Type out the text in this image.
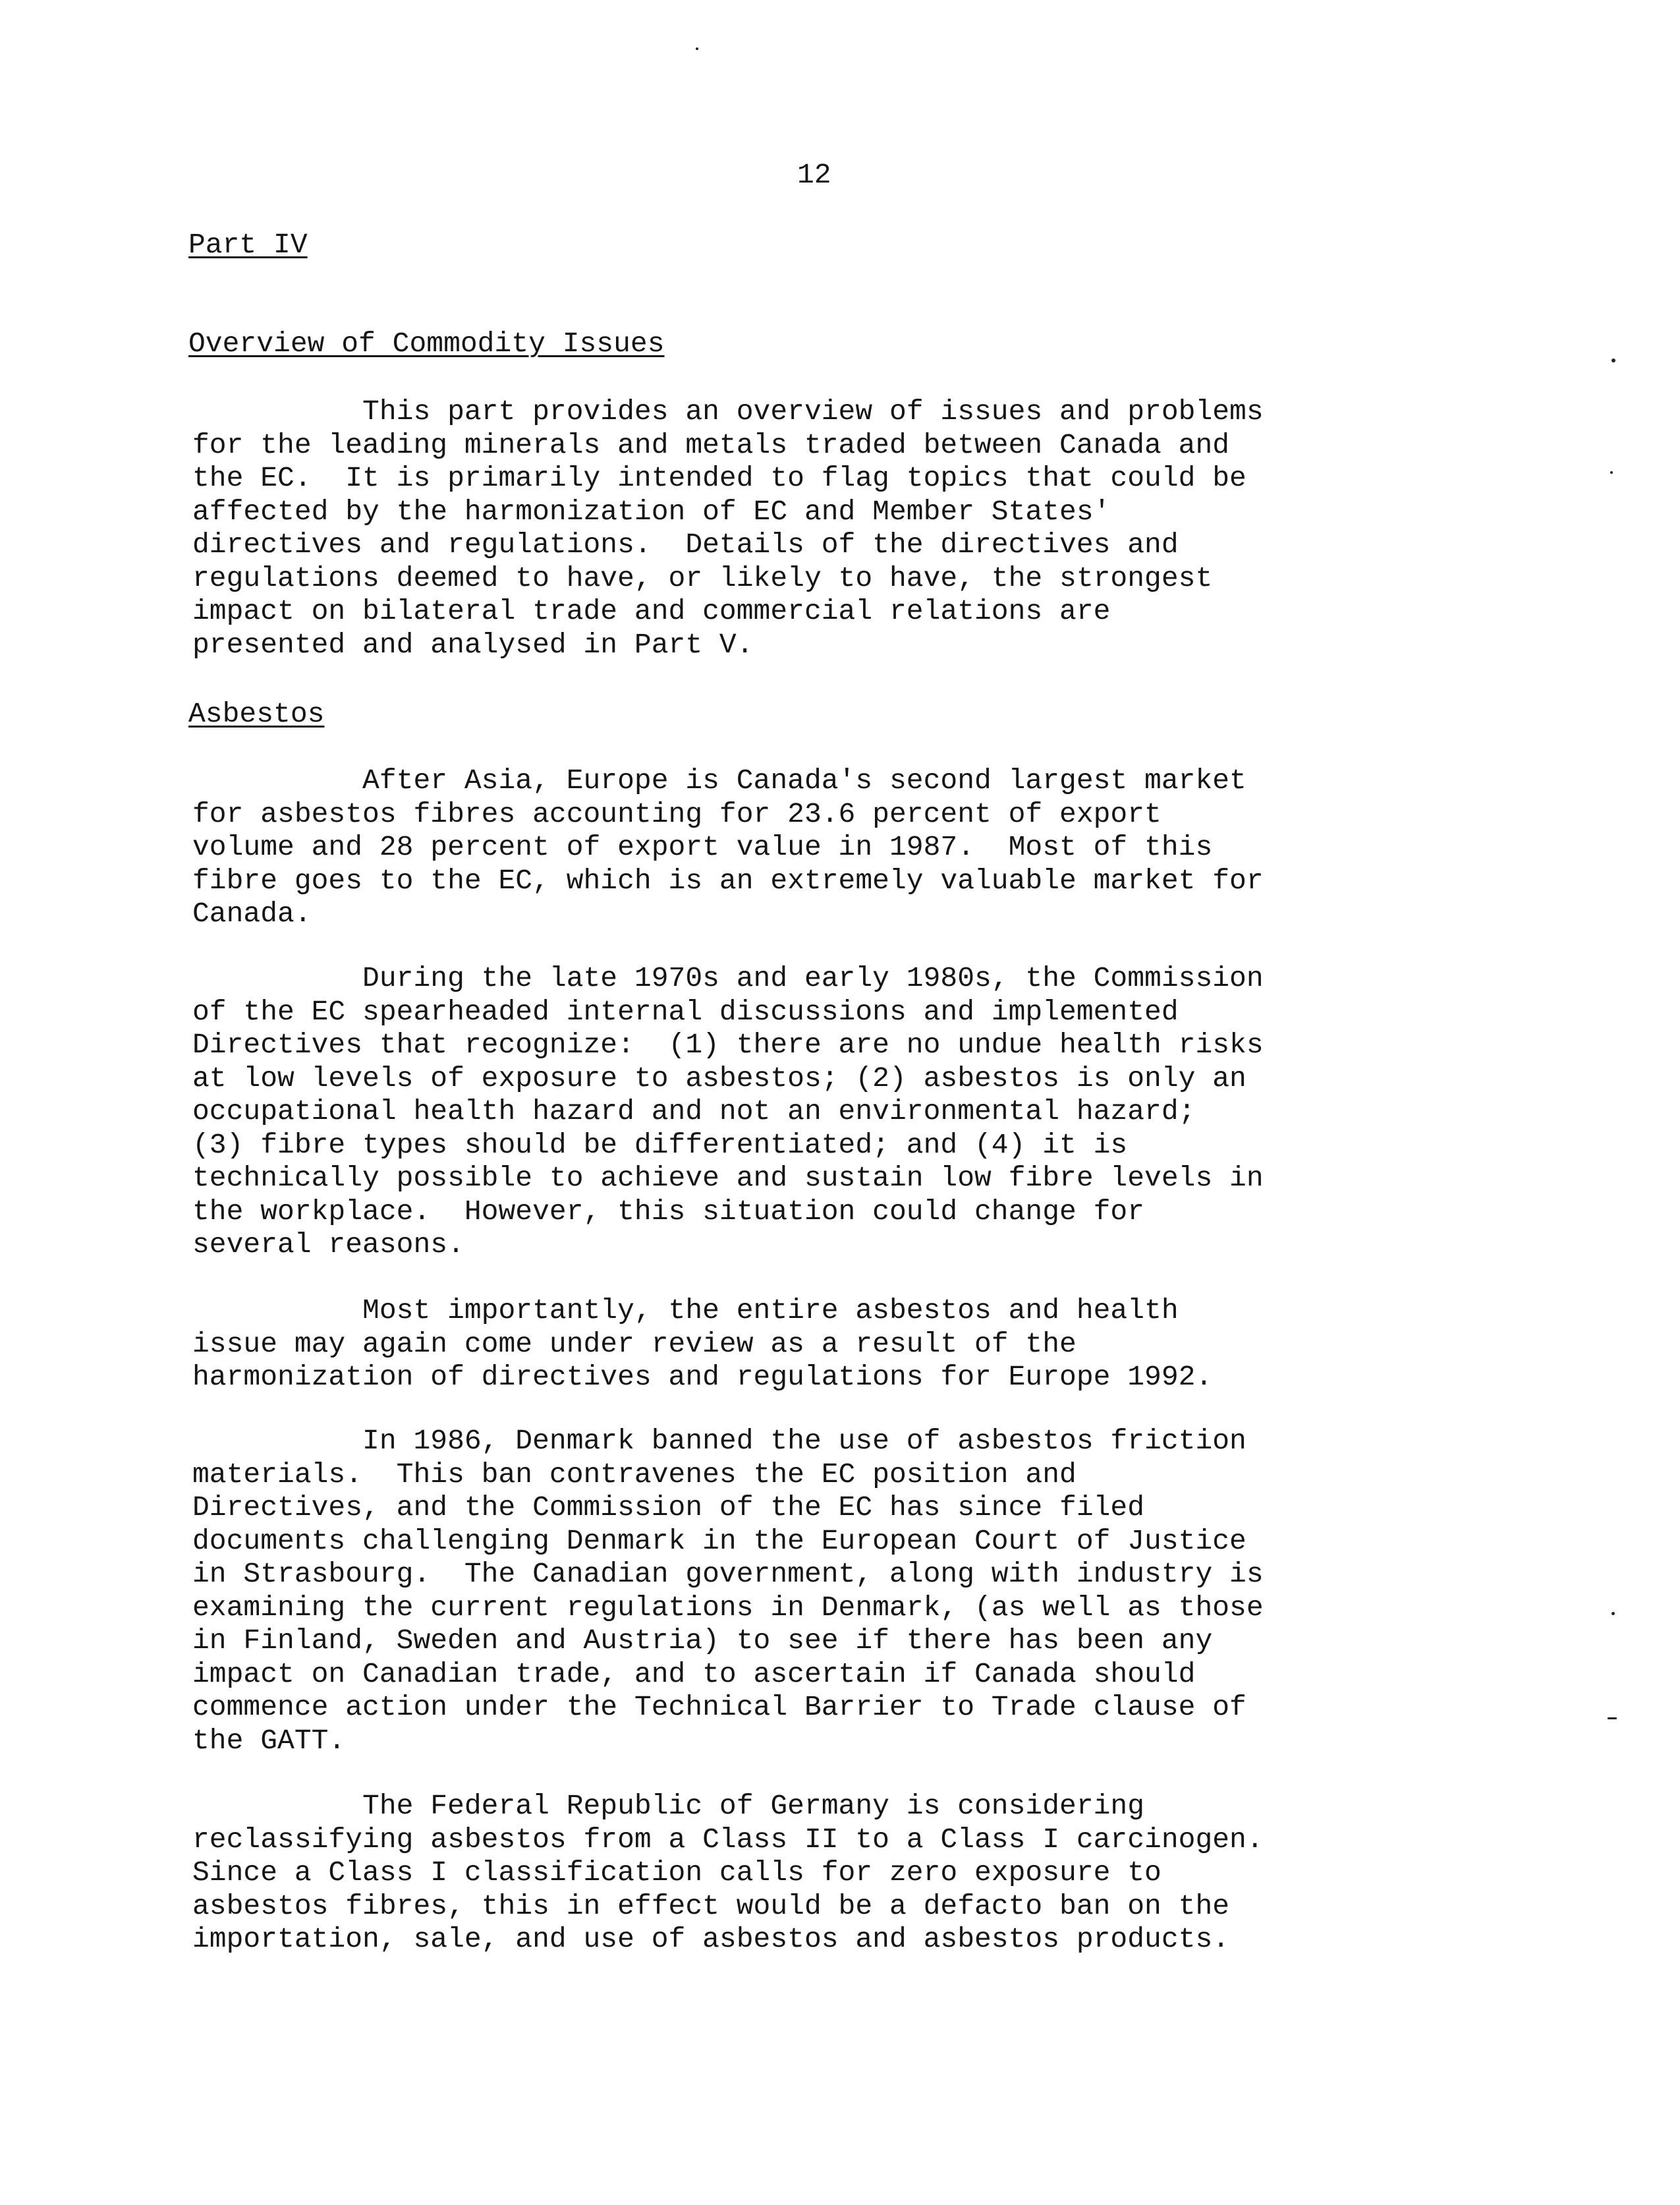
12
Part IV
Overview of Commodity Issues
This part provides an overview of issues and problems
for the leading minerals and metals traded between Canada and
the EC.  It is primarily intended to flag topics that could be
affected by the harmonization of EC and Member States'
directives and regulations.  Details of the directives and
regulations deemed to have, or likely to have, the strongest
impact on bilateral trade and commercial relations are
presented and analysed in Part V.
Asbestos
After Asia, Europe is Canada's second largest market
for asbestos fibres accounting for 23.6 percent of export
volume and 28 percent of export value in 1987.  Most of this
fibre goes to the EC, which is an extremely valuable market for
Canada.
During the late 1970s and early 1980s, the Commission
of the EC spearheaded internal discussions and implemented
Directives that recognize:  (1) there are no undue health risks
at low levels of exposure to asbestos; (2) asbestos is only an
occupational health hazard and not an environmental hazard;
(3) fibre types should be differentiated; and (4) it is
technically possible to achieve and sustain low fibre levels in
the workplace.  However, this situation could change for
several reasons.
Most importantly, the entire asbestos and health
issue may again come under review as a result of the
harmonization of directives and regulations for Europe 1992.
In 1986, Denmark banned the use of asbestos friction
materials.  This ban contravenes the EC position and
Directives, and the Commission of the EC has since filed
documents challenging Denmark in the European Court of Justice
in Strasbourg.  The Canadian government, along with industry is
examining the current regulations in Denmark, (as well as those
in Finland, Sweden and Austria) to see if there has been any
impact on Canadian trade, and to ascertain if Canada should
commence action under the Technical Barrier to Trade clause of
the GATT.
The Federal Republic of Germany is considering
reclassifying asbestos from a Class II to a Class I carcinogen.
Since a Class I classification calls for zero exposure to
asbestos fibres, this in effect would be a defacto ban on the
importation, sale, and use of asbestos and asbestos products.
